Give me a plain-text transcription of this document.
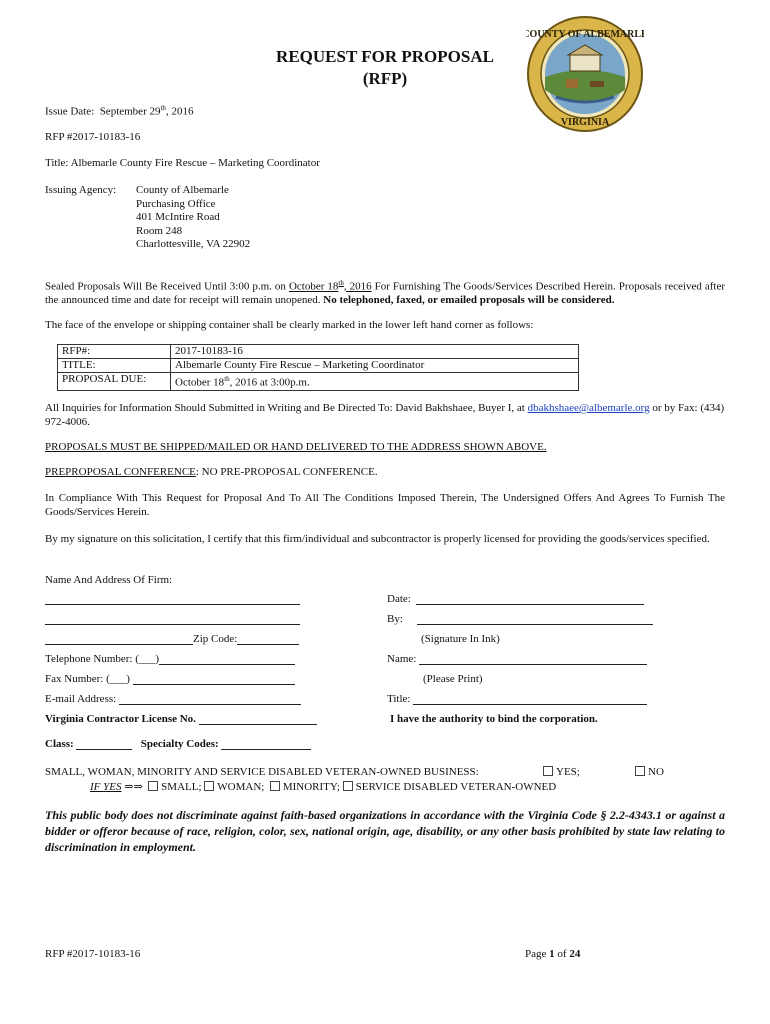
COUNTY OF ALBEMARLE
VIRGINIA
REQUEST FOR PROPOSAL
(RFP)
Issue Date: September 29th, 2016
RFP #2017-10183-16
Title: Albemarle County Fire Rescue – Marketing Coordinator
Issuing Agency: County of Albemarle
Purchasing Office
401 McIntire Road
Room 248
Charlottesville, VA 22902
Sealed Proposals Will Be Received Until 3:00 p.m. on October 18th, 2016 For Furnishing The Goods/Services Described Herein. Proposals received after the announced time and date for receipt will remain unopened. No telephoned, faxed, or emailed proposals will be considered.
The face of the envelope or shipping container shall be clearly marked in the lower left hand corner as follows:
RFP#:	2017-10183-16
TITLE:	Albemarle County Fire Rescue – Marketing Coordinator
PROPOSAL DUE:	October 18th, 2016 at 3:00p.m.
All Inquiries for Information Should Submitted in Writing and Be Directed To: David Bakhshaee, Buyer I, at dbakhshaee@albemarle.org or by Fax: (434) 972-4006.
PROPOSALS MUST BE SHIPPED/MAILED OR HAND DELIVERED TO THE ADDRESS SHOWN ABOVE.
PREPROPOSAL CONFERENCE: NO PRE-PROPOSAL CONFERENCE.
In Compliance With This Request for Proposal And To All The Conditions Imposed Therein, The Undersigned Offers And Agrees To Furnish The Goods/Services Herein.
By my signature on this solicitation, I certify that this firm/individual and subcontractor is properly licensed for providing the goods/services specified.
Name And Address Of Firm:
Zip Code:
Telephone Number: (___)
Fax Number: (___)
E-mail Address:
Virginia Contractor License No.
Class:	Specialty Codes:
Date:
By:
(Signature In Ink)
Name:
(Please Print)
Title:
I have the authority to bind the corporation.
SMALL, WOMAN, MINORITY AND SERVICE DISABLED VETERAN-OWNED BUSINESS:	YES;	NO
IF YES ⇒⇒ SMALL; WOMAN; MINORITY; SERVICE DISABLED VETERAN-OWNED
This public body does not discriminate against faith-based organizations in accordance with the Virginia Code § 2.2-4343.1 or against a bidder or offeror because of race, religion, color, sex, national origin, age, disability, or any other basis prohibited by state law relating to discrimination in employment.
RFP #2017-10183-16	Page 1 of 24
